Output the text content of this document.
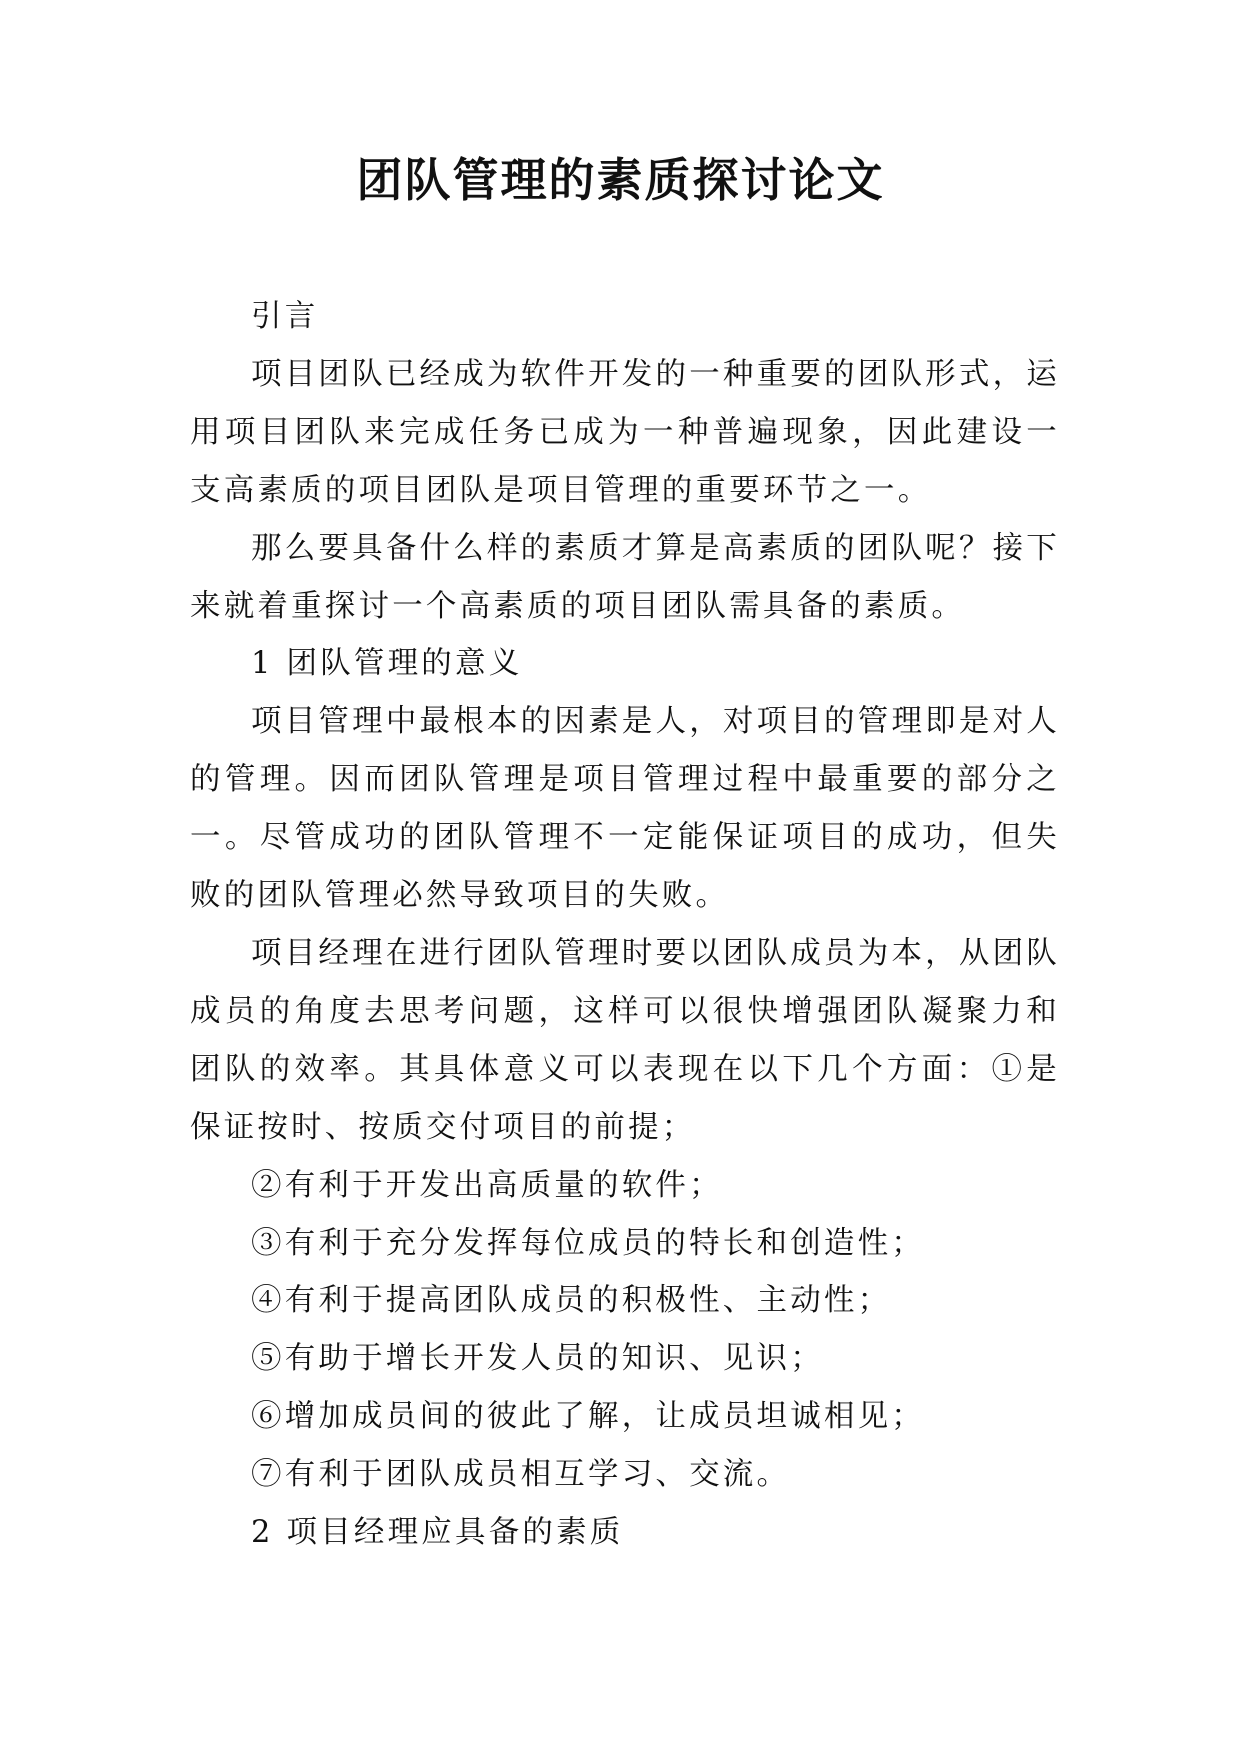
团队管理的素质探讨论文

引言

项目团队已经成为软件开发的一种重要的团队形式，运用项目团队来完成任务已成为一种普遍现象，因此建设一支高素质的项目团队是项目管理的重要环节之一。

那么要具备什么样的素质才算是高素质的团队呢？接下来就着重探讨一个高素质的项目团队需具备的素质。

1 团队管理的意义

项目管理中最根本的因素是人，对项目的管理即是对人的管理。因而团队管理是项目管理过程中最重要的部分之一。尽管成功的团队管理不一定能保证项目的成功，但失败的团队管理必然导致项目的失败。

项目经理在进行团队管理时要以团队成员为本，从团队成员的角度去思考问题，这样可以很快增强团队凝聚力和团队的效率。其具体意义可以表现在以下几个方面：①是保证按时、按质交付项目的前提；

②有利于开发出高质量的软件；

③有利于充分发挥每位成员的特长和创造性；

④有利于提高团队成员的积极性、主动性；

⑤有助于增长开发人员的知识、见识；

⑥增加成员间的彼此了解，让成员坦诚相见；

⑦有利于团队成员相互学习、交流。

2 项目经理应具备的素质
